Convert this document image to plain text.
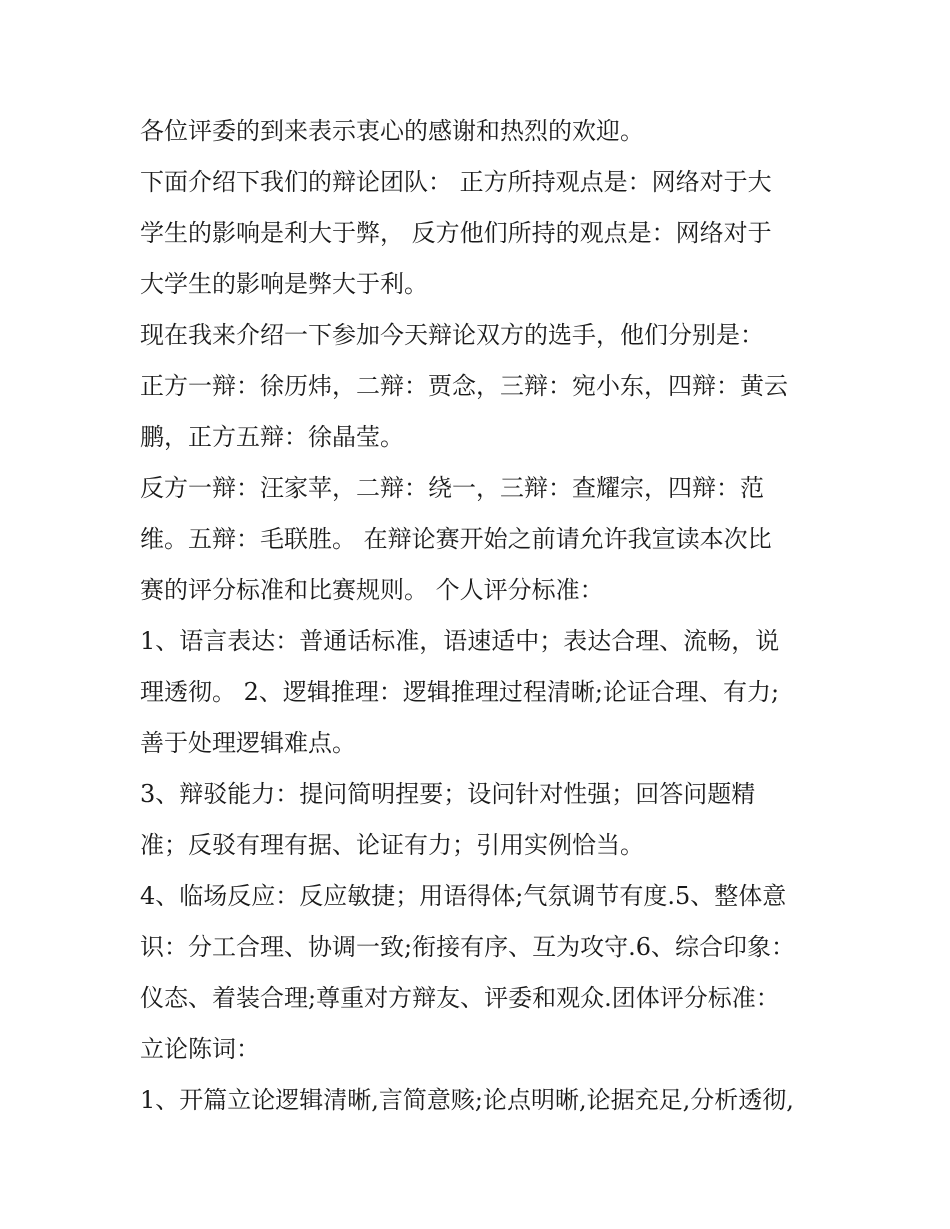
各位评委的到来表示衷心的感谢和热烈的欢迎。
下面介绍下我们的辩论团队： 正方所持观点是：网络对于大
学生的影响是利大于弊， 反方他们所持的观点是：网络对于
大学生的影响是弊大于利。
现在我来介绍一下参加今天辩论双方的选手，他们分别是：
正方一辩：徐历炜，二辩：贾念，三辩：宛小东，四辩：黄云
鹏，正方五辩：徐晶莹。
反方一辩：汪家苹，二辩：绕一，三辩：查耀宗，四辩：范
维。五辩：毛联胜。 在辩论赛开始之前请允许我宣读本次比
赛的评分标准和比赛规则。 个人评分标准：
1、语言表达：普通话标准，语速适中；表达合理、流畅，说
理透彻。 2、逻辑推理：逻辑推理过程清晰;论证合理、有力;
善于处理逻辑难点。
3、辩驳能力：提问简明捏要；设问针对性强；回答问题精
准；反驳有理有据、论证有力；引用实例恰当。
4、临场反应：反应敏捷；用语得体;气氛调节有度.5、整体意
识：分工合理、协调一致;衔接有序、互为攻守.6、综合印象：
仪态、着装合理;尊重对方辩友、评委和观众.团体评分标准：
立论陈词：
1、开篇立论逻辑清晰,言简意赅;论点明晰,论据充足,分析透彻,
